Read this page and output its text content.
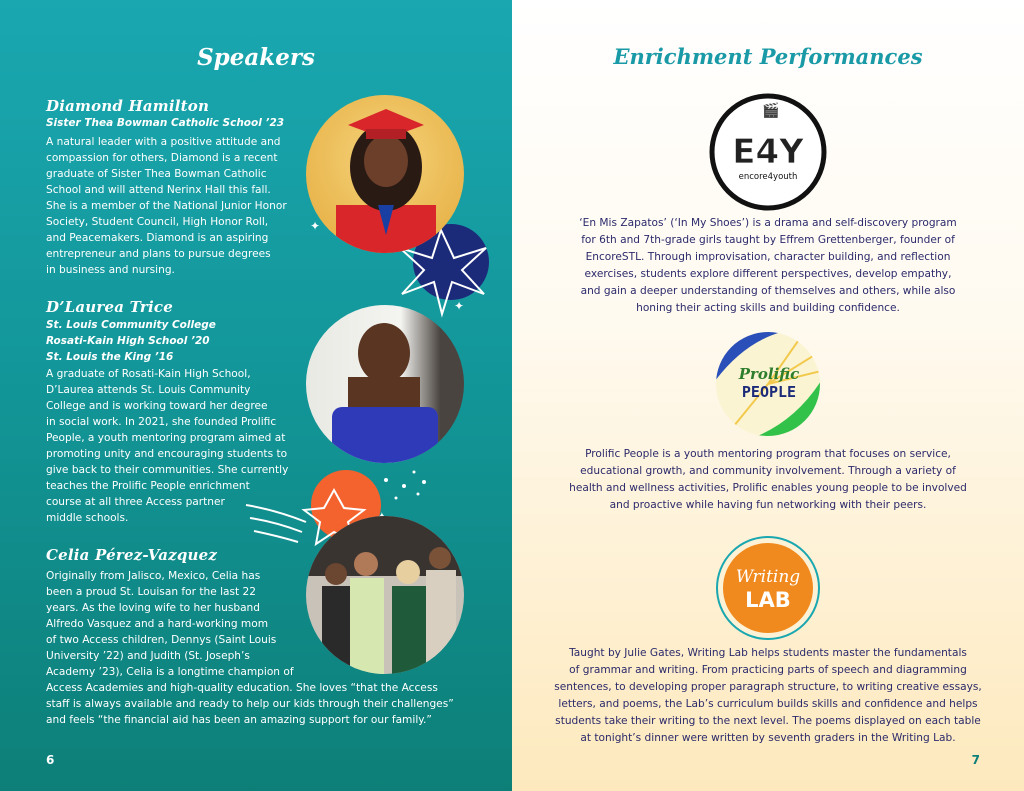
Speakers
✦
✦
Diamond Hamilton
Sister Thea Bowman Catholic School ’23
A natural leader with a positive attitude and
compassion for others, Diamond is a recent
graduate of Sister Thea Bowman Catholic
School and will attend Nerinx Hall this fall.
She is a member of the National Junior Honor
Society, Student Council, High Honor Roll,
and Peacemakers. Diamond is an aspiring
entrepreneur and plans to pursue degrees
in business and nursing.
D’Laurea Trice
St. Louis Community College
Rosati-Kain High School ’20
St. Louis the King ’16
A graduate of Rosati-Kain High School,
D’Laurea attends St. Louis Community
College and is working toward her degree
in social work. In 2021, she founded Prolific
People, a youth mentoring program aimed at
promoting unity and encouraging students to
give back to their communities. She currently
teaches the Prolific People enrichment
course at all three Access partner
middle schools.
Celia Pérez-Vazquez
Originally from Jalisco, Mexico, Celia has
been a proud St. Louisan for the last 22
years. As the loving wife to her husband
Alfredo Vasquez and a hard-working mom
of two Access children, Dennys (Saint Louis
University ’22) and Judith (St. Joseph’s
Academy ’23), Celia is a longtime champion of
Access Academies and high-quality education. She loves “that the Access
staff is always available and ready to help our kids through their challenges”
and feels “the financial aid has been an amazing support for our family.”
6
Enrichment Performances
🎬
E4Y
encore4youth
‘En Mis Zapatos’ (‘In My Shoes’) is a drama and self-discovery program
for 6th and 7th-grade girls taught by Effrem Grettenberger, founder of
EncoreSTL. Through improvisation, character building, and reflection
exercises, students explore different perspectives, develop empathy,
and gain a deeper understanding of themselves and others, while also
honing their acting skills and building confidence.
Prolific
PEOPLE
Prolific People is a youth mentoring program that focuses on service,
educational growth, and community involvement. Through a variety of
health and wellness activities, Prolific enables young people to be involved
and proactive while having fun networking with their peers.
Writing
LAB
Taught by Julie Gates, Writing Lab helps students master the fundamentals
of grammar and writing. From practicing parts of speech and diagramming
sentences, to developing proper paragraph structure, to writing creative essays,
letters, and poems, the Lab’s curriculum builds skills and confidence and helps
students take their writing to the next level. The poems displayed on each table
at tonight’s dinner were written by seventh graders in the Writing Lab.
7
